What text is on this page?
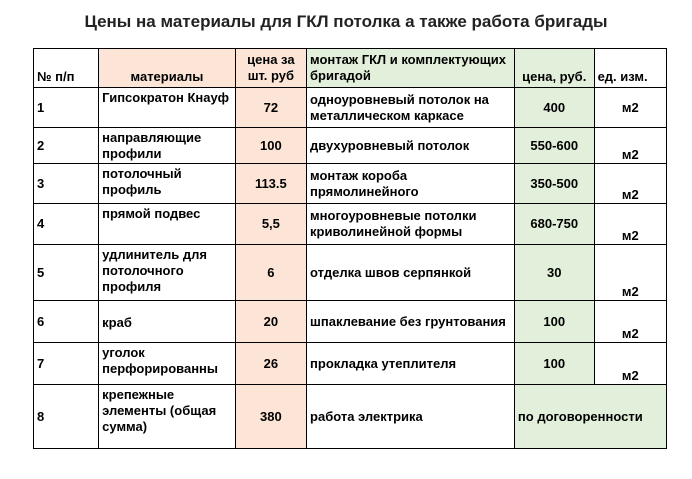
Цены на материалы для ГКЛ потолка а также работа бригады
№ п/п	материалы	цена за шт. руб	монтаж ГКЛ и комплектующих бригадой	цена, руб.	ед. изм.
1	Гипсократон Кнауф	72	одноуровневый потолок на металлическом каркасе	400	м2
2	направляющие профили	100	двухуровневый потолок	550-600	м2
3	потолочный профиль	113.5	монтаж короба прямолинейного	350-500	м2
4	прямой подвес	5,5	многоуровневые потолки криволинейной формы	680-750	м2
5	удлинитель для потолочного профиля	6	отделка швов серпянкой	30	м2
6	краб	20	шпаклевание без грунтования	100	м2
7	уголок перфорированны	26	прокладка утеплителя	100	м2
8	крепежные элементы (общая сумма)	380	работа электрика	по договоренности	
